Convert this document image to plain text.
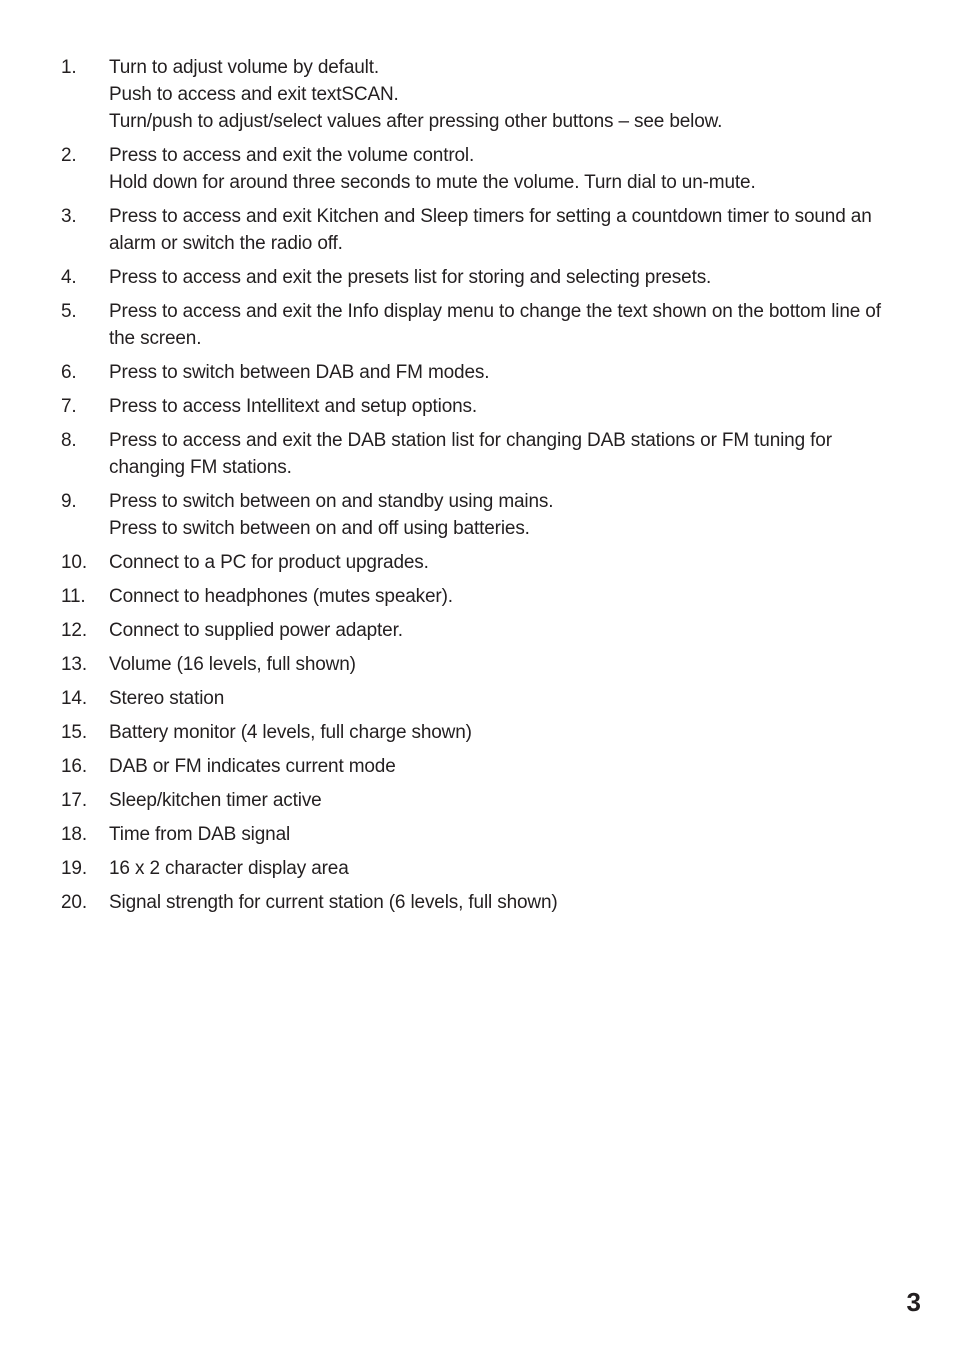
1.	Turn to adjust volume by default.
Push to access and exit textSCAN.
Turn/push to adjust/select values after pressing other buttons – see below.
2.	Press to access and exit the volume control.
Hold down for around three seconds to mute the volume. Turn dial to un-mute.
3.	Press to access and exit Kitchen and Sleep timers for setting a countdown timer to sound an alarm or switch the radio off.
4.	Press to access and exit the presets list for storing and selecting presets.
5.	Press to access and exit the Info display menu to change the text shown on the bottom line of the screen.
6.	Press to switch between DAB and FM modes.
7.	Press to access Intellitext and setup options.
8.	Press to access and exit the DAB station list for changing DAB stations or FM tuning for changing FM stations.
9.	Press to switch between on and standby using mains.
Press to switch between on and off using batteries.
10.	Connect to a PC for product upgrades.
11.	Connect to headphones (mutes speaker).
12.	Connect to supplied power adapter.
13.	Volume (16 levels, full shown)
14.	Stereo station
15.	Battery monitor (4 levels, full charge shown)
16.	DAB or FM indicates current mode
17.	Sleep/kitchen timer active
18.	Time from DAB signal
19.	16 x 2 character display area
20.	Signal strength for current station (6 levels, full shown)
3
